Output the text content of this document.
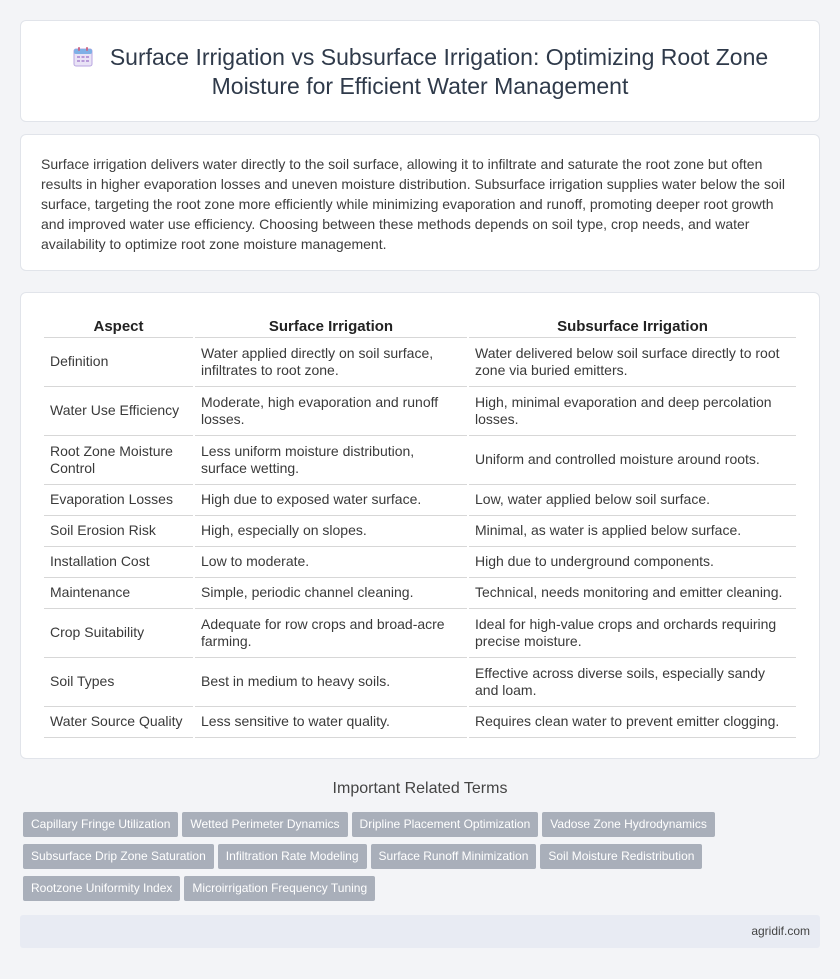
Surface Irrigation vs Subsurface Irrigation: Optimizing Root Zone Moisture for Efficient Water Management

Surface irrigation delivers water directly to the soil surface, allowing it to infiltrate and saturate the root zone but often results in higher evaporation losses and uneven moisture distribution. Subsurface irrigation supplies water below the soil surface, targeting the root zone more efficiently while minimizing evaporation and runoff, promoting deeper root growth and improved water use efficiency. Choosing between these methods depends on soil type, crop needs, and water availability to optimize root zone moisture management.

Aspect	Surface Irrigation	Subsurface Irrigation
Definition	Water applied directly on soil surface, infiltrates to root zone.	Water delivered below soil surface directly to root zone via buried emitters.
Water Use Efficiency	Moderate, high evaporation and runoff losses.	High, minimal evaporation and deep percolation losses.
Root Zone Moisture Control	Less uniform moisture distribution, surface wetting.	Uniform and controlled moisture around roots.
Evaporation Losses	High due to exposed water surface.	Low, water applied below soil surface.
Soil Erosion Risk	High, especially on slopes.	Minimal, as water is applied below surface.
Installation Cost	Low to moderate.	High due to underground components.
Maintenance	Simple, periodic channel cleaning.	Technical, needs monitoring and emitter cleaning.
Crop Suitability	Adequate for row crops and broad-acre farming.	Ideal for high-value crops and orchards requiring precise moisture.
Soil Types	Best in medium to heavy soils.	Effective across diverse soils, especially sandy and loam.
Water Source Quality	Less sensitive to water quality.	Requires clean water to prevent emitter clogging.
Important Related Terms
Capillary Fringe Utilization	Wetted Perimeter Dynamics	Dripline Placement Optimization	Vadose Zone Hydrodynamics
Subsurface Drip Zone Saturation	Infiltration Rate Modeling	Surface Runoff Minimization	Soil Moisture Redistribution
Rootzone Uniformity Index	Microirrigation Frequency Tuning
agridif.com
